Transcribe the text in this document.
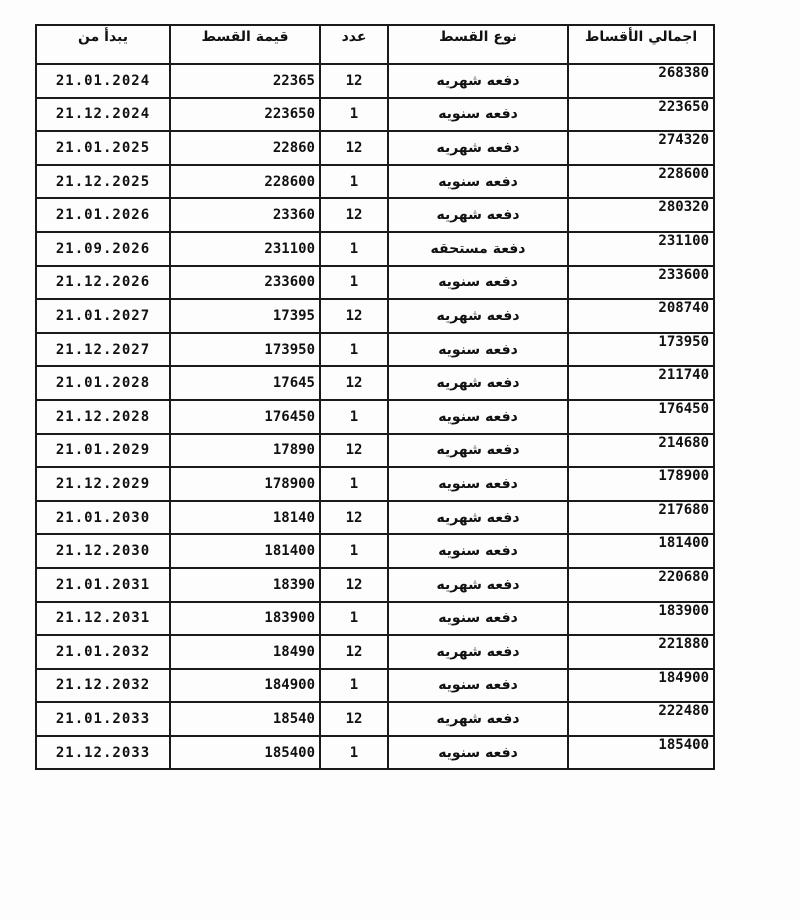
يبدأ من	قيمة القسط	عدد	نوع القسط	اجمالي الأقساط
21.01.2024	22365	12	دفعه شهريه	268380
21.12.2024	223650	1	دفعه سنويه	223650
21.01.2025	22860	12	دفعه شهريه	274320
21.12.2025	228600	1	دفعه سنويه	228600
21.01.2026	23360	12	دفعه شهريه	280320
21.09.2026	231100	1	دفعة مستحقه	231100
21.12.2026	233600	1	دفعه سنويه	233600
21.01.2027	17395	12	دفعه شهريه	208740
21.12.2027	173950	1	دفعه سنويه	173950
21.01.2028	17645	12	دفعه شهريه	211740
21.12.2028	176450	1	دفعه سنويه	176450
21.01.2029	17890	12	دفعه شهريه	214680
21.12.2029	178900	1	دفعه سنويه	178900
21.01.2030	18140	12	دفعه شهريه	217680
21.12.2030	181400	1	دفعه سنويه	181400
21.01.2031	18390	12	دفعه شهريه	220680
21.12.2031	183900	1	دفعه سنويه	183900
21.01.2032	18490	12	دفعه شهريه	221880
21.12.2032	184900	1	دفعه سنويه	184900
21.01.2033	18540	12	دفعه شهريه	222480
21.12.2033	185400	1	دفعه سنويه	185400
